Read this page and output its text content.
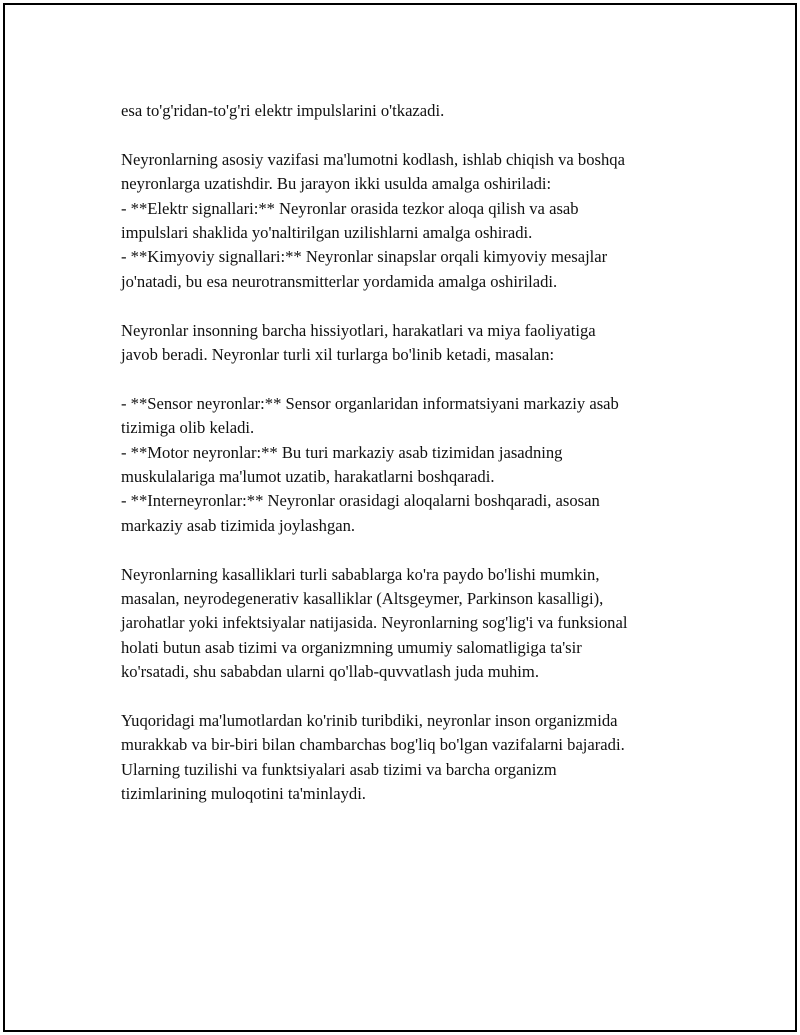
esa to'g'ridan-to'g'ri elektr impulslarini o'tkazadi.

Neyronlarning asosiy vazifasi ma'lumotni kodlash, ishlab chiqish va boshqa
neyronlarga uzatishdir. Bu jarayon ikki usulda amalga oshiriladi:
- **Elektr signallari:** Neyronlar orasida tezkor aloqa qilish va asab
impulslari shaklida yo'naltirilgan uzilishlarni amalga oshiradi.
- **Kimyoviy signallari:** Neyronlar sinapslar orqali kimyoviy mesajlar
jo'natadi, bu esa neurotransmitterlar yordamida amalga oshiriladi.

Neyronlar insonning barcha hissiyotlari, harakatlari va miya faoliyatiga
javob beradi. Neyronlar turli xil turlarga bo'linib ketadi, masalan:

- **Sensor neyronlar:** Sensor organlaridan informatsiyani markaziy asab
tizimiga olib keladi.
- **Motor neyronlar:** Bu turi markaziy asab tizimidan jasadning
muskulalariga ma'lumot uzatib, harakatlarni boshqaradi.
- **Interneyronlar:** Neyronlar orasidagi aloqalarni boshqaradi, asosan
markaziy asab tizimida joylashgan.

Neyronlarning kasalliklari turli sabablarga ko'ra paydo bo'lishi mumkin,
masalan, neyrodegenerativ kasalliklar (Altsgeymer, Parkinson kasalligi),
jarohatlar yoki infektsiyalar natijasida. Neyronlarning sog'lig'i va funksional
holati butun asab tizimi va organizmning umumiy salomatligiga ta'sir
ko'rsatadi, shu sababdan ularni qo'llab-quvvatlash juda muhim.

Yuqoridagi ma'lumotlardan ko'rinib turibdiki, neyronlar inson organizmida
murakkab va bir-biri bilan chambarchas bog'liq bo'lgan vazifalarni bajaradi.
Ularning tuzilishi va funktsiyalari asab tizimi va barcha organizm
tizimlarining muloqotini ta'minlaydi.
